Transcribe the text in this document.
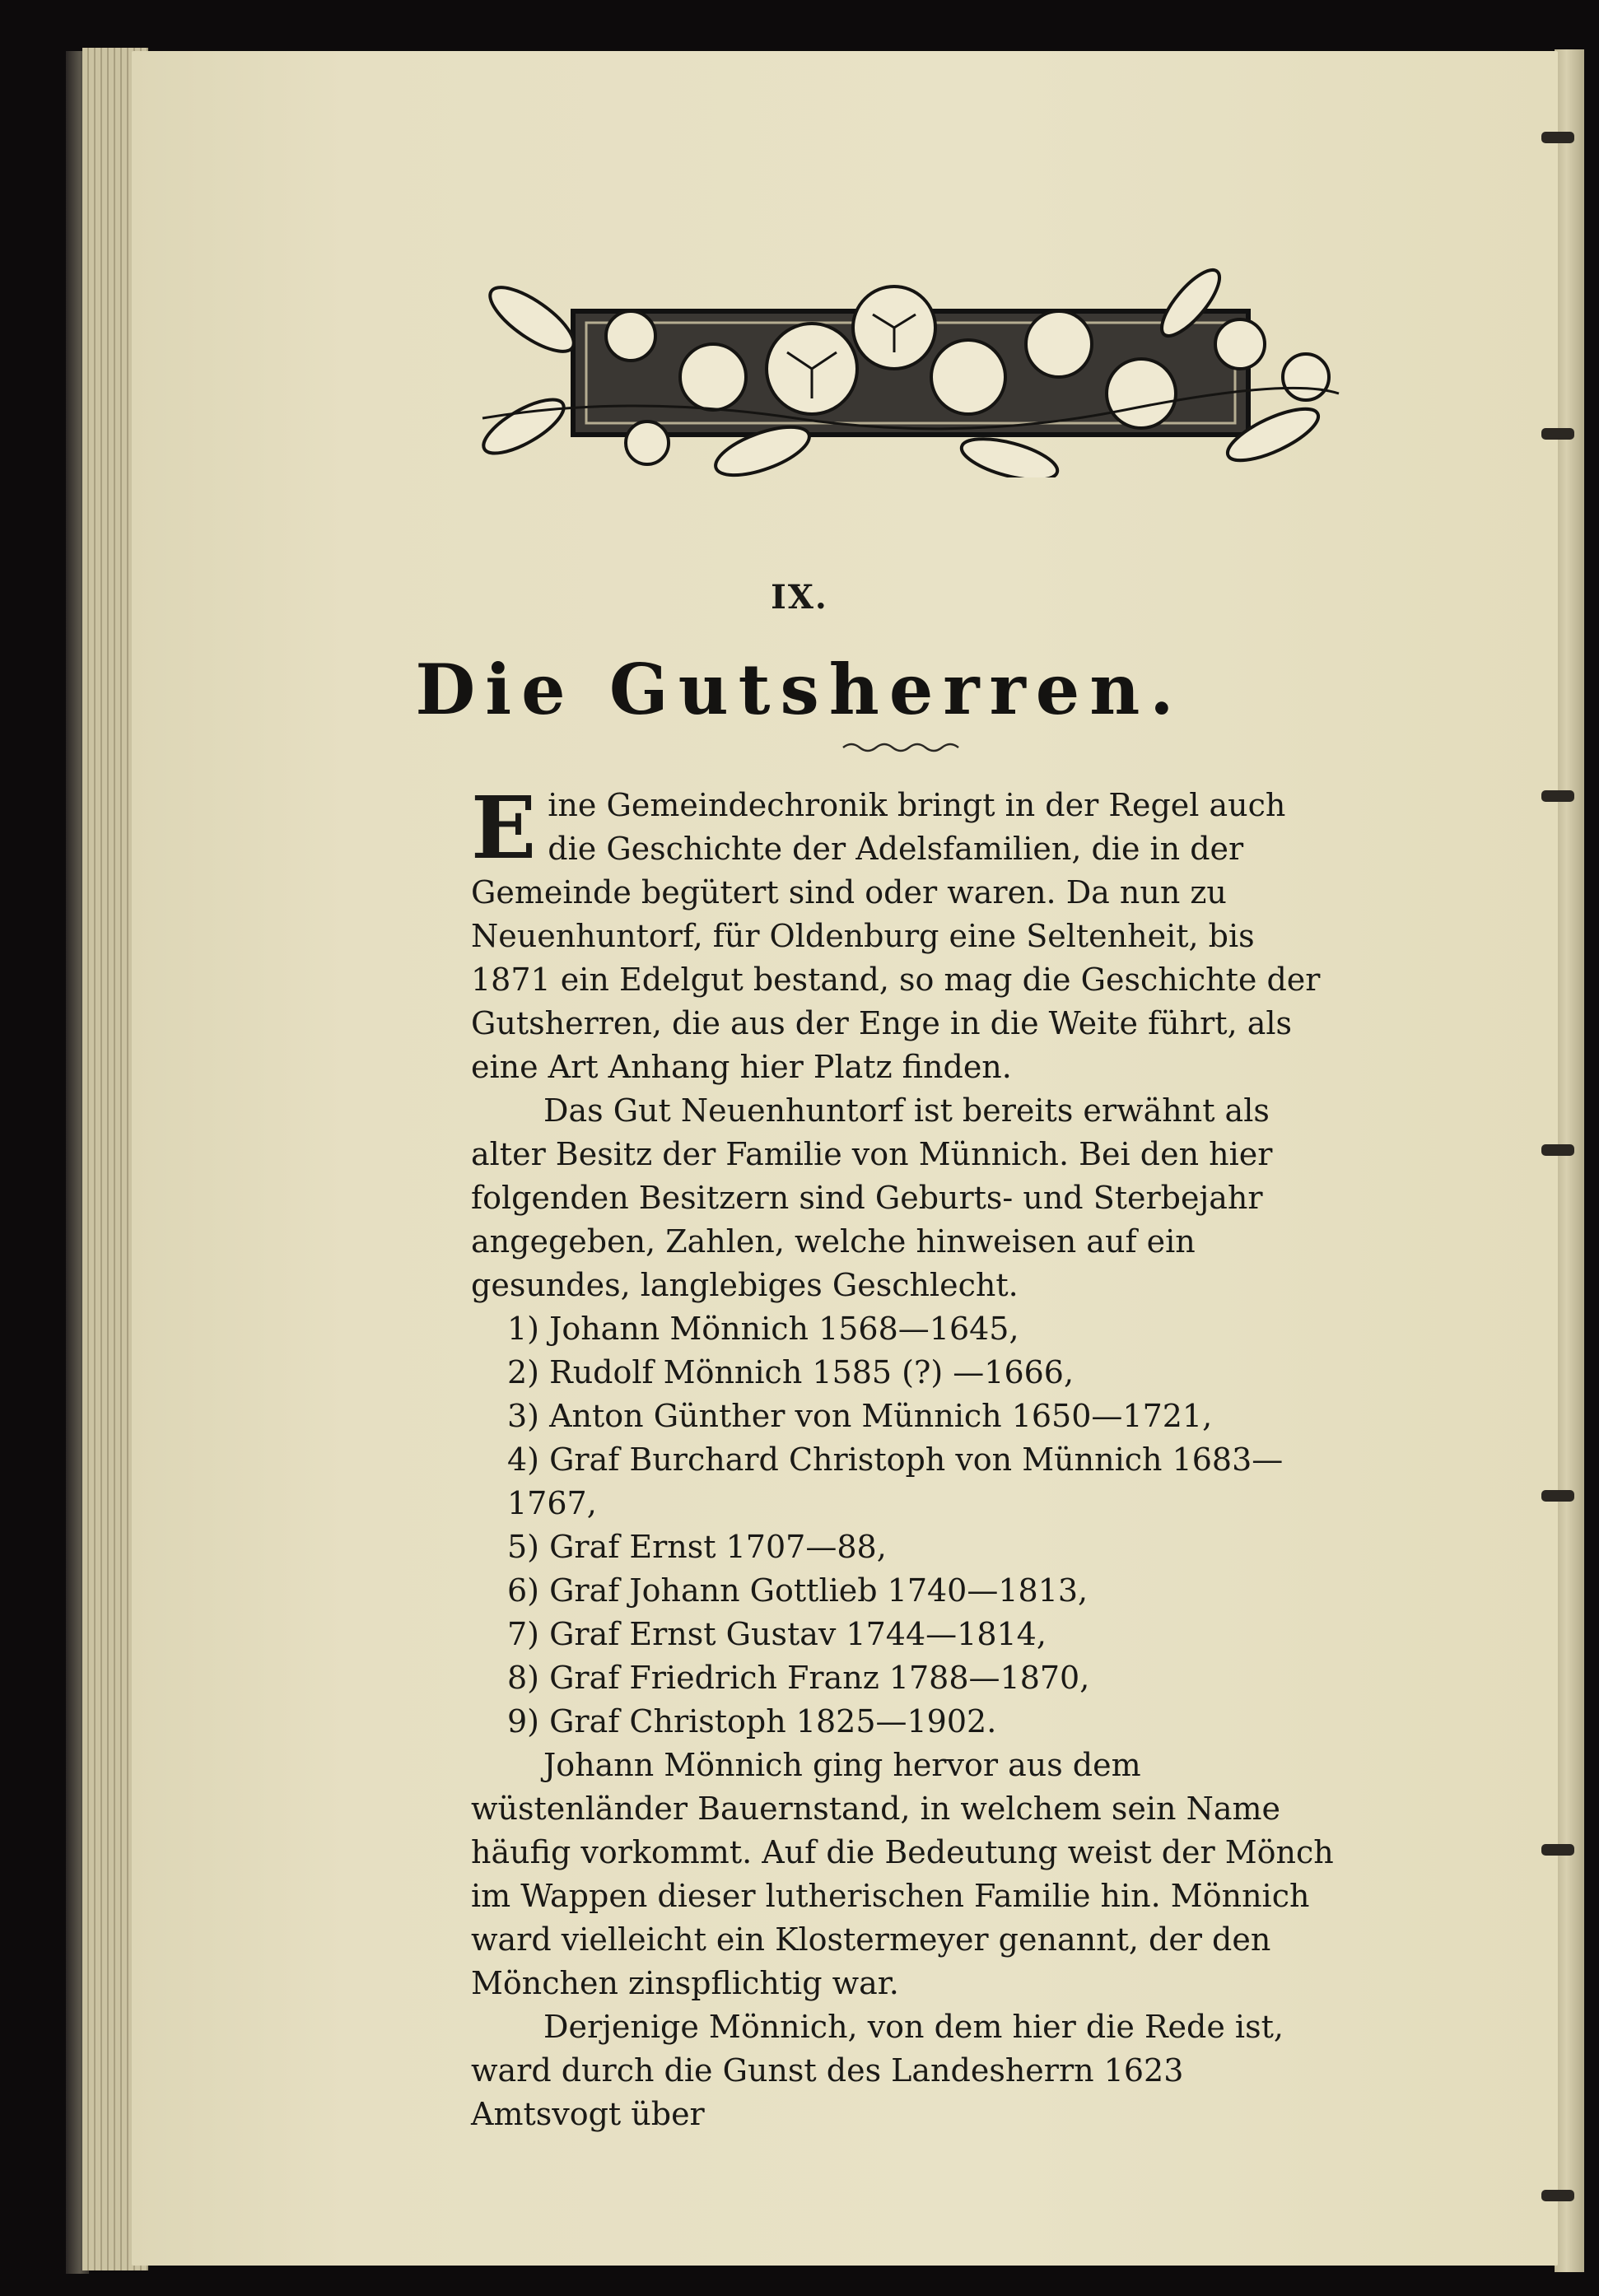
IX.
Die Gutsherren.

Eine Gemeindechronik bringt in der Regel auch die Geschichte der Adelsfamilien, die in der Gemeinde begütert sind oder waren. Da nun zu Neuenhuntorf, für Oldenburg eine Seltenheit, bis 1871 ein Edelgut bestand, so mag die Geschichte der Gutsherren, die aus der Enge in die Weite führt, als eine Art Anhang hier Platz finden.

Das Gut Neuenhuntorf ist bereits erwähnt als alter Besitz der Familie von Münnich. Bei den hier folgenden Besitzern sind Geburts- und Sterbejahr angegeben, Zahlen, welche hinweisen auf ein gesundes, langlebiges Geschlecht.

1) Johann Mönnich 1568—1645,
2) Rudolf Mönnich 1585 (?) —1666,
3) Anton Günther von Münnich 1650—1721,
4) Graf Burchard Christoph von Münnich 1683—1767,
5) Graf Ernst 1707—88,
6) Graf Johann Gottlieb 1740—1813,
7) Graf Ernst Gustav 1744—1814,
8) Graf Friedrich Franz 1788—1870,
9) Graf Christoph 1825—1902.

Johann Mönnich ging hervor aus dem wüstenländer Bauernstand, in welchem sein Name häufig vorkommt. Auf die Bedeutung weist der Mönch im Wappen dieser lutherischen Familie hin. Mönnich ward vielleicht ein Klostermeyer genannt, der den Mönchen zinspflichtig war.

Derjenige Mönnich, von dem hier die Rede ist, ward durch die Gunst des Landesherrn 1623 Amtsvogt über
